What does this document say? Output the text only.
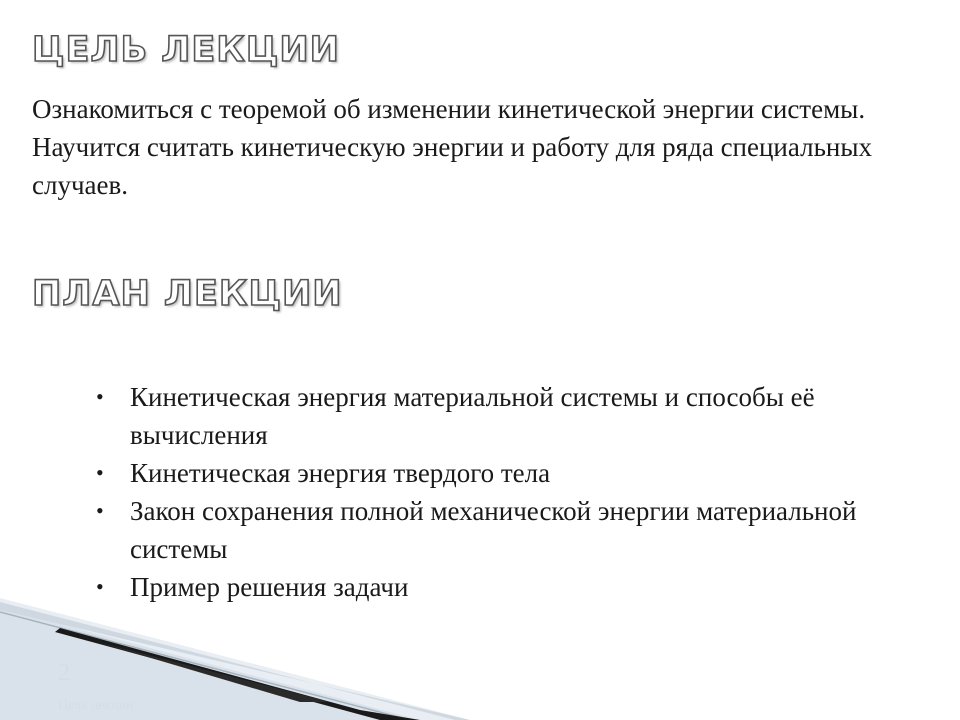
ЦЕЛЬ ЛЕКЦИИ

Ознакомиться с теоремой об изменении кинетической энергии системы.

Научится считать кинетическую энергии и работу для ряда специальных случаев.

ПЛАН ЛЕКЦИИ
• Кинетическая энергия материальной системы и способы её вычисления
• Кинетическая энергия твердого тела
• Закон сохранения полной механической энергии материальной системы
• Пример решения задачи
2
Цель лекции
